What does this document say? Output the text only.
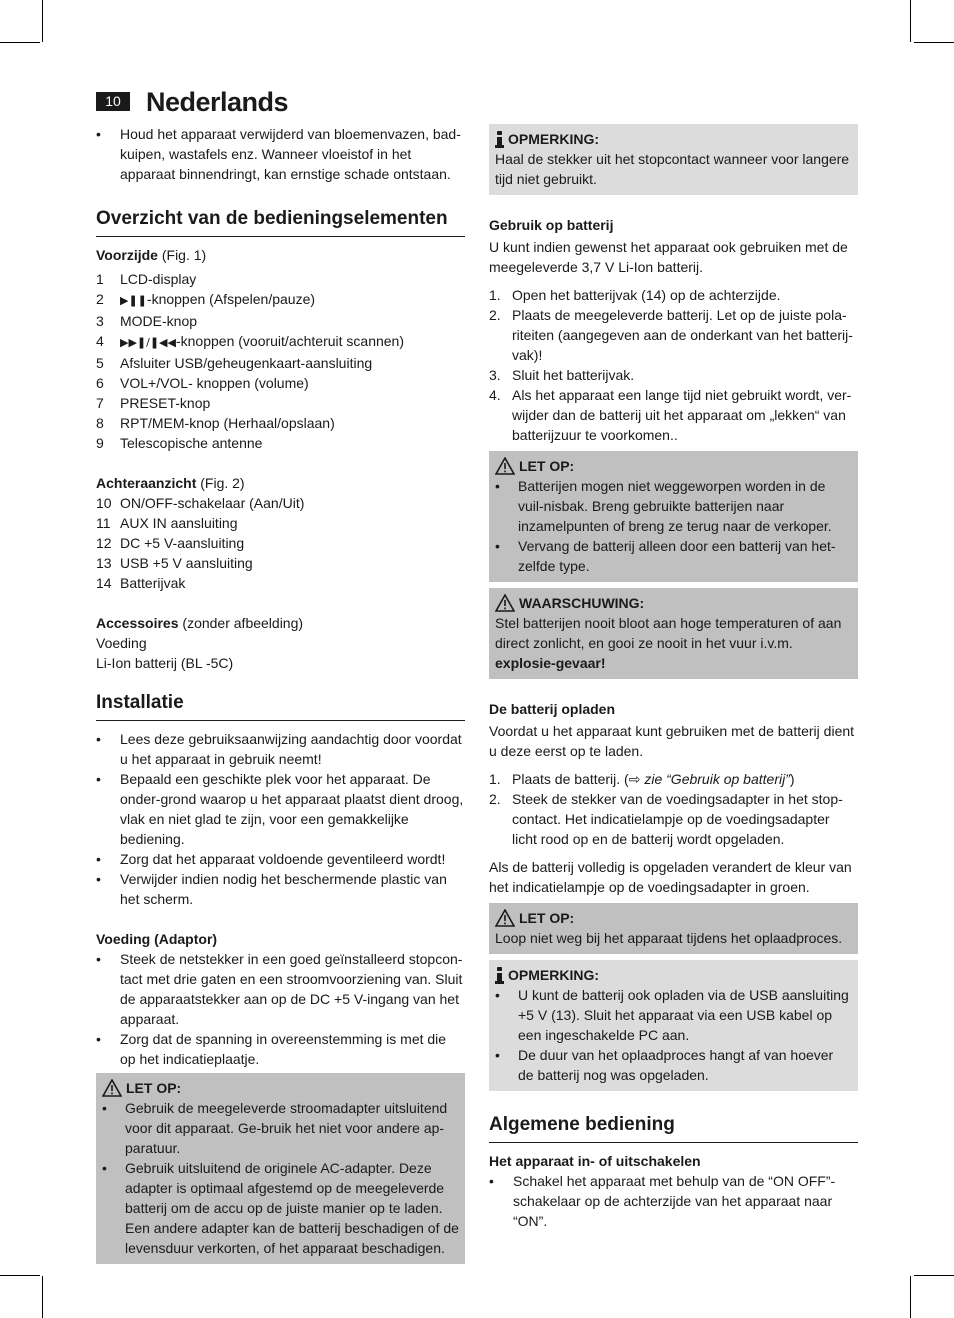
10 Nederlands
• Houd het apparaat verwijderd van bloemenvazen, bad-kuipen, wastafels enz. Wanneer vloeistof in het apparaat binnendringt, kan ernstige schade ontstaan.
Overzicht van de bedieningselementen

Voorzijde (Fig. 1)

1 LCD-display
2 ▶❚❚-knoppen (Afspelen/pauze)
3 MODE-knop
4 ▶▶❚/❚◀◀-knoppen (vooruit/achteruit scannen)
5 Afsluiter USB/geheugenkaart-aansluiting
6 VOL+/VOL- knoppen (volume)
7 PRESET-knop
8 RPT/MEM-knop (Herhaal/opslaan)
9 Telescopische antenne

Achteraanzicht (Fig. 2)

10 ON/OFF-schakelaar (Aan/Uit)
11 AUX IN aansluiting
12 DC +5 V-aansluiting
13 USB +5 V aansluiting
14 Batterijvak

Accessoires (zonder afbeelding)

Voeding

Li-Ion batterij (BL -5C)

Installatie
• Lees deze gebruiksaanwijzing aandachtig door voordat u het apparaat in gebruik neemt!
• Bepaald een geschikte plek voor het apparaat. De onder-grond waarop u het apparaat plaatst dient droog, vlak en niet glad te zijn, voor een gemakkelijke bediening.
• Zorg dat het apparaat voldoende geventileerd wordt!
• Verwijder indien nodig het beschermende plastic van het scherm.
Voeding (Adaptor)
• Steek de netstekker in een goed geïnstalleerd stopcon-tact met drie gaten en een stroomvoorziening van. Sluit de apparaatstekker aan op de DC +5 V-ingang van het apparaat.
• Zorg dat de spanning in overeenstemming is met die op het indicatieplaatje.
LET OP:
• Gebruik de meegeleverde stroomadapter uitsluitend voor dit apparaat. Ge-bruik het niet voor andere ap-paratuur.
• Gebruik uitsluitend de originele AC-adapter. Deze adapter is optimaal afgestemd op de meegeleverde batterij om de accu op de juiste manier op te laden. Een andere adapter kan de batterij beschadigen of de levensduur verkorten, of het apparaat beschadigen.
OPMERKING:

Haal de stekker uit het stopcontact wanneer voor langere tijd niet gebruikt.

Gebruik op batterij

U kunt indien gewenst het apparaat ook gebruiken met de meegeleverde 3,7 V Li-Ion batterij.

1. Open het batterijvak (14) op de achterzijde.
2. Plaats de meegeleverde batterij. Let op de juiste pola-riteiten (aangegeven aan de onderkant van het batterij-vak)!
3. Sluit het batterijvak.
4. Als het apparaat een lange tijd niet gebruikt wordt, ver-wijder dan de batterij uit het apparaat om „lekken“ van batterijzuur te voorkomen..
LET OP:
• Batterijen mogen niet weggeworpen worden in de vuil-nisbak. Breng gebruikte batterijen naar inzamelpunten of breng ze terug naar de verkoper.
• Vervang de batterij alleen door een batterij van het-zelfde type.
WAARSCHUWING:

Stel batterijen nooit bloot aan hoge temperaturen of aan direct zonlicht, en gooi ze nooit in het vuur i.v.m. explosie-gevaar!

De batterij opladen

Voordat u het apparaat kunt gebruiken met de batterij dient u deze eerst op te laden.

1. Plaats de batterij. (⇨ zie “Gebruik op batterij”)
2. Steek de stekker van de voedingsadapter in het stop-contact. Het indicatielampje op de voedingsadapter licht rood op en de batterij wordt opgeladen.

Als de batterij volledig is opgeladen verandert de kleur van het indicatielampje op de voedingsadapter in groen.

LET OP:

Loop niet weg bij het apparaat tijdens het oplaadproces.

OPMERKING:
• U kunt de batterij ook opladen via de USB aansluiting +5 V (13). Sluit het apparaat via een USB kabel op een ingeschakelde PC aan.
• De duur van het oplaadproces hangt af van hoever de batterij nog was opgeladen.
Algemene bediening
Het apparaat in- of uitschakelen
• Schakel het apparaat met behulp van de “ON OFF”-schakelaar op de achterzijde van het apparaat naar “ON”.
